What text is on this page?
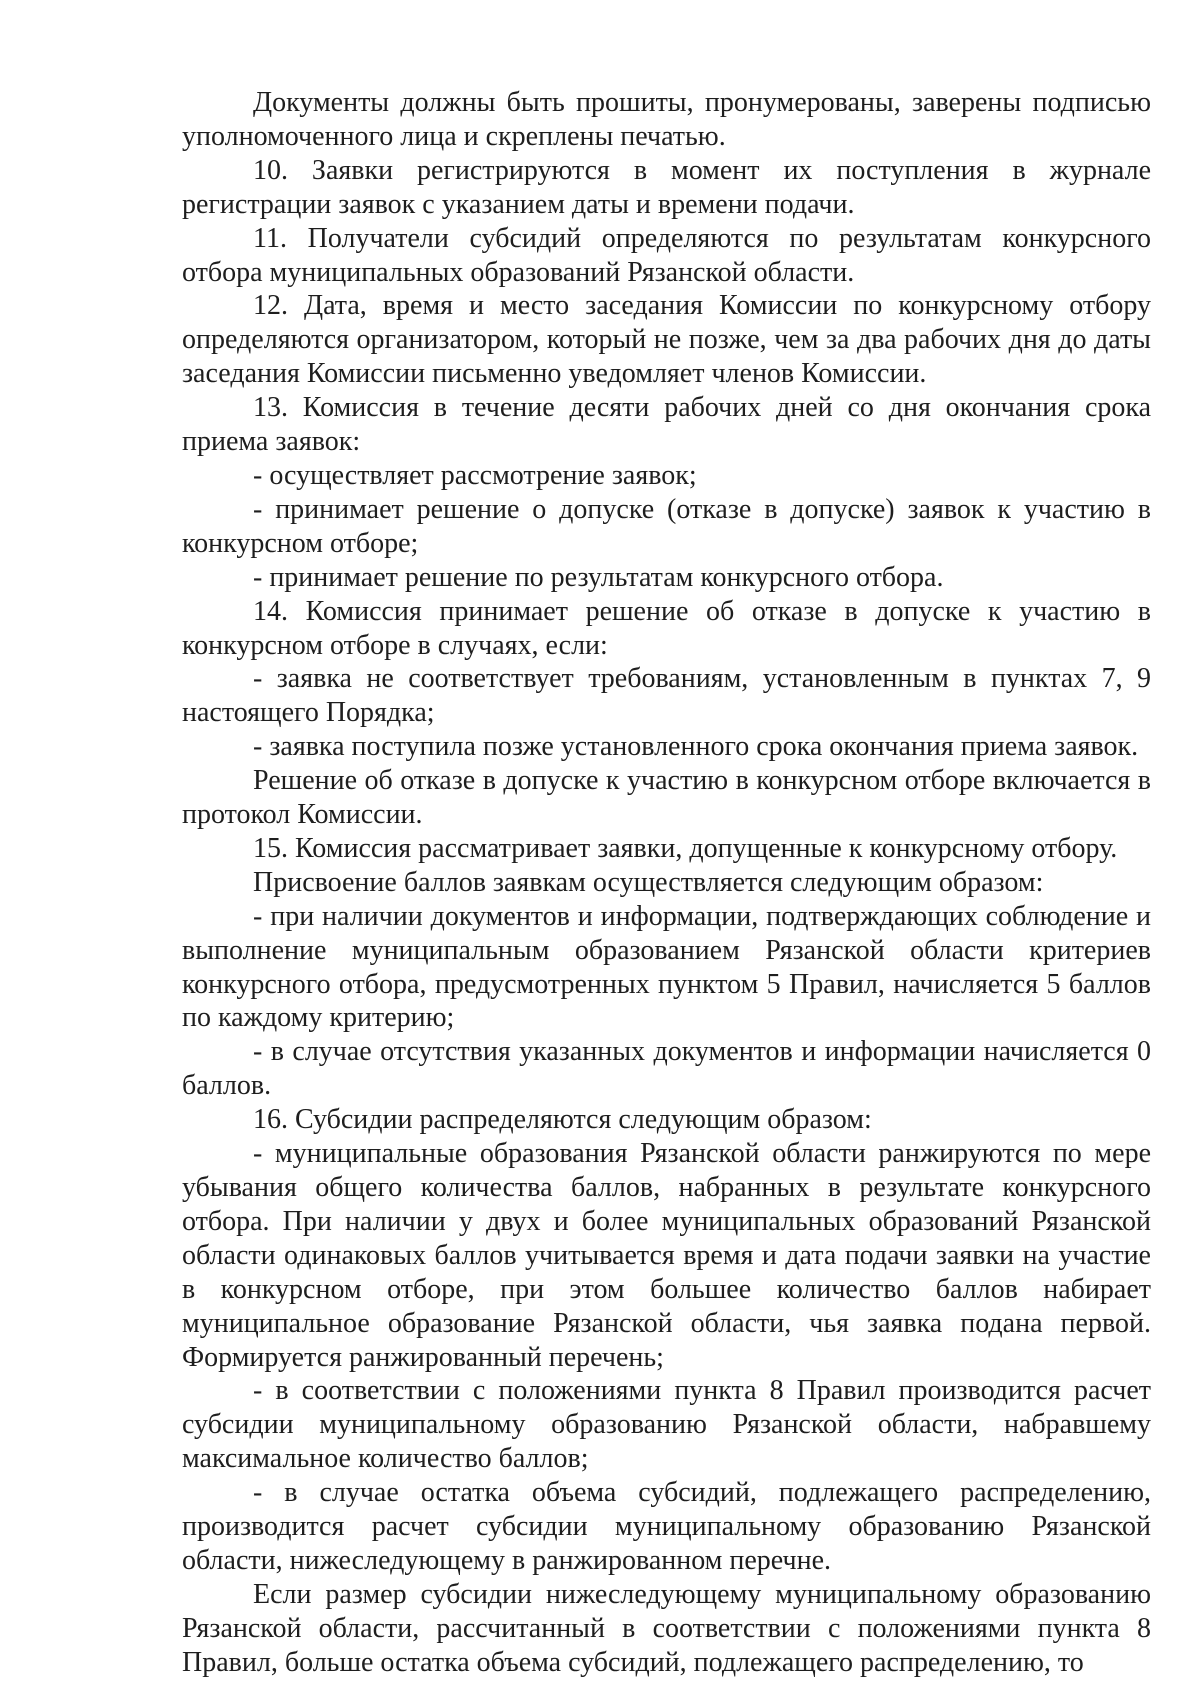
Документы должны быть прошиты, пронумерованы, заверены подписью уполномоченного лица и скреплены печатью.

10. Заявки регистрируются в момент их поступления в журнале регистрации заявок с указанием даты и времени подачи.

11. Получатели субсидий определяются по результатам конкурсного отбора муниципальных образований Рязанской области.

12. Дата, время и место заседания Комиссии по конкурсному отбору определяются организатором, который не позже, чем за два рабочих дня до даты заседания Комиссии письменно уведомляет членов Комиссии.

13. Комиссия в течение десяти рабочих дней со дня окончания срока приема заявок:

- осуществляет рассмотрение заявок;

- принимает решение о допуске (отказе в допуске) заявок к участию в конкурсном отборе;

- принимает решение по результатам конкурсного отбора.

14. Комиссия принимает решение об отказе в допуске к участию в конкурсном отборе в случаях, если:

- заявка не соответствует требованиям, установленным в пунктах 7, 9 настоящего Порядка;

- заявка поступила позже установленного срока окончания приема заявок.

Решение об отказе в допуске к участию в конкурсном отборе включается в протокол Комиссии.

15. Комиссия рассматривает заявки, допущенные к конкурсному отбору.

Присвоение баллов заявкам осуществляется следующим образом:

- при наличии документов и информации, подтверждающих соблюдение и выполнение муниципальным образованием Рязанской области критериев конкурсного отбора, предусмотренных пунктом 5 Правил, начисляется 5 баллов по каждому критерию;

- в случае отсутствия указанных документов и информации начисляется 0 баллов.

16. Субсидии распределяются следующим образом:

- муниципальные образования Рязанской области ранжируются по мере убывания общего количества баллов, набранных в результате конкурсного отбора. При наличии у двух и более муниципальных образований Рязанской области одинаковых баллов учитывается время и дата подачи заявки на участие в конкурсном отборе, при этом большее количество баллов набирает муниципальное образование Рязанской области, чья заявка подана первой. Формируется ранжированный перечень;

- в соответствии с положениями пункта 8 Правил производится расчет субсидии муниципальному образованию Рязанской области, набравшему максимальное количество баллов;

- в случае остатка объема субсидий, подлежащего распределению, производится расчет субсидии муниципальному образованию Рязанской области, нижеследующему в ранжированном перечне.

Если размер субсидии нижеследующему муниципальному образованию Рязанской области, рассчитанный в соответствии с положениями пункта 8 Правил, больше остатка объема субсидий, подлежащего распределению, то
